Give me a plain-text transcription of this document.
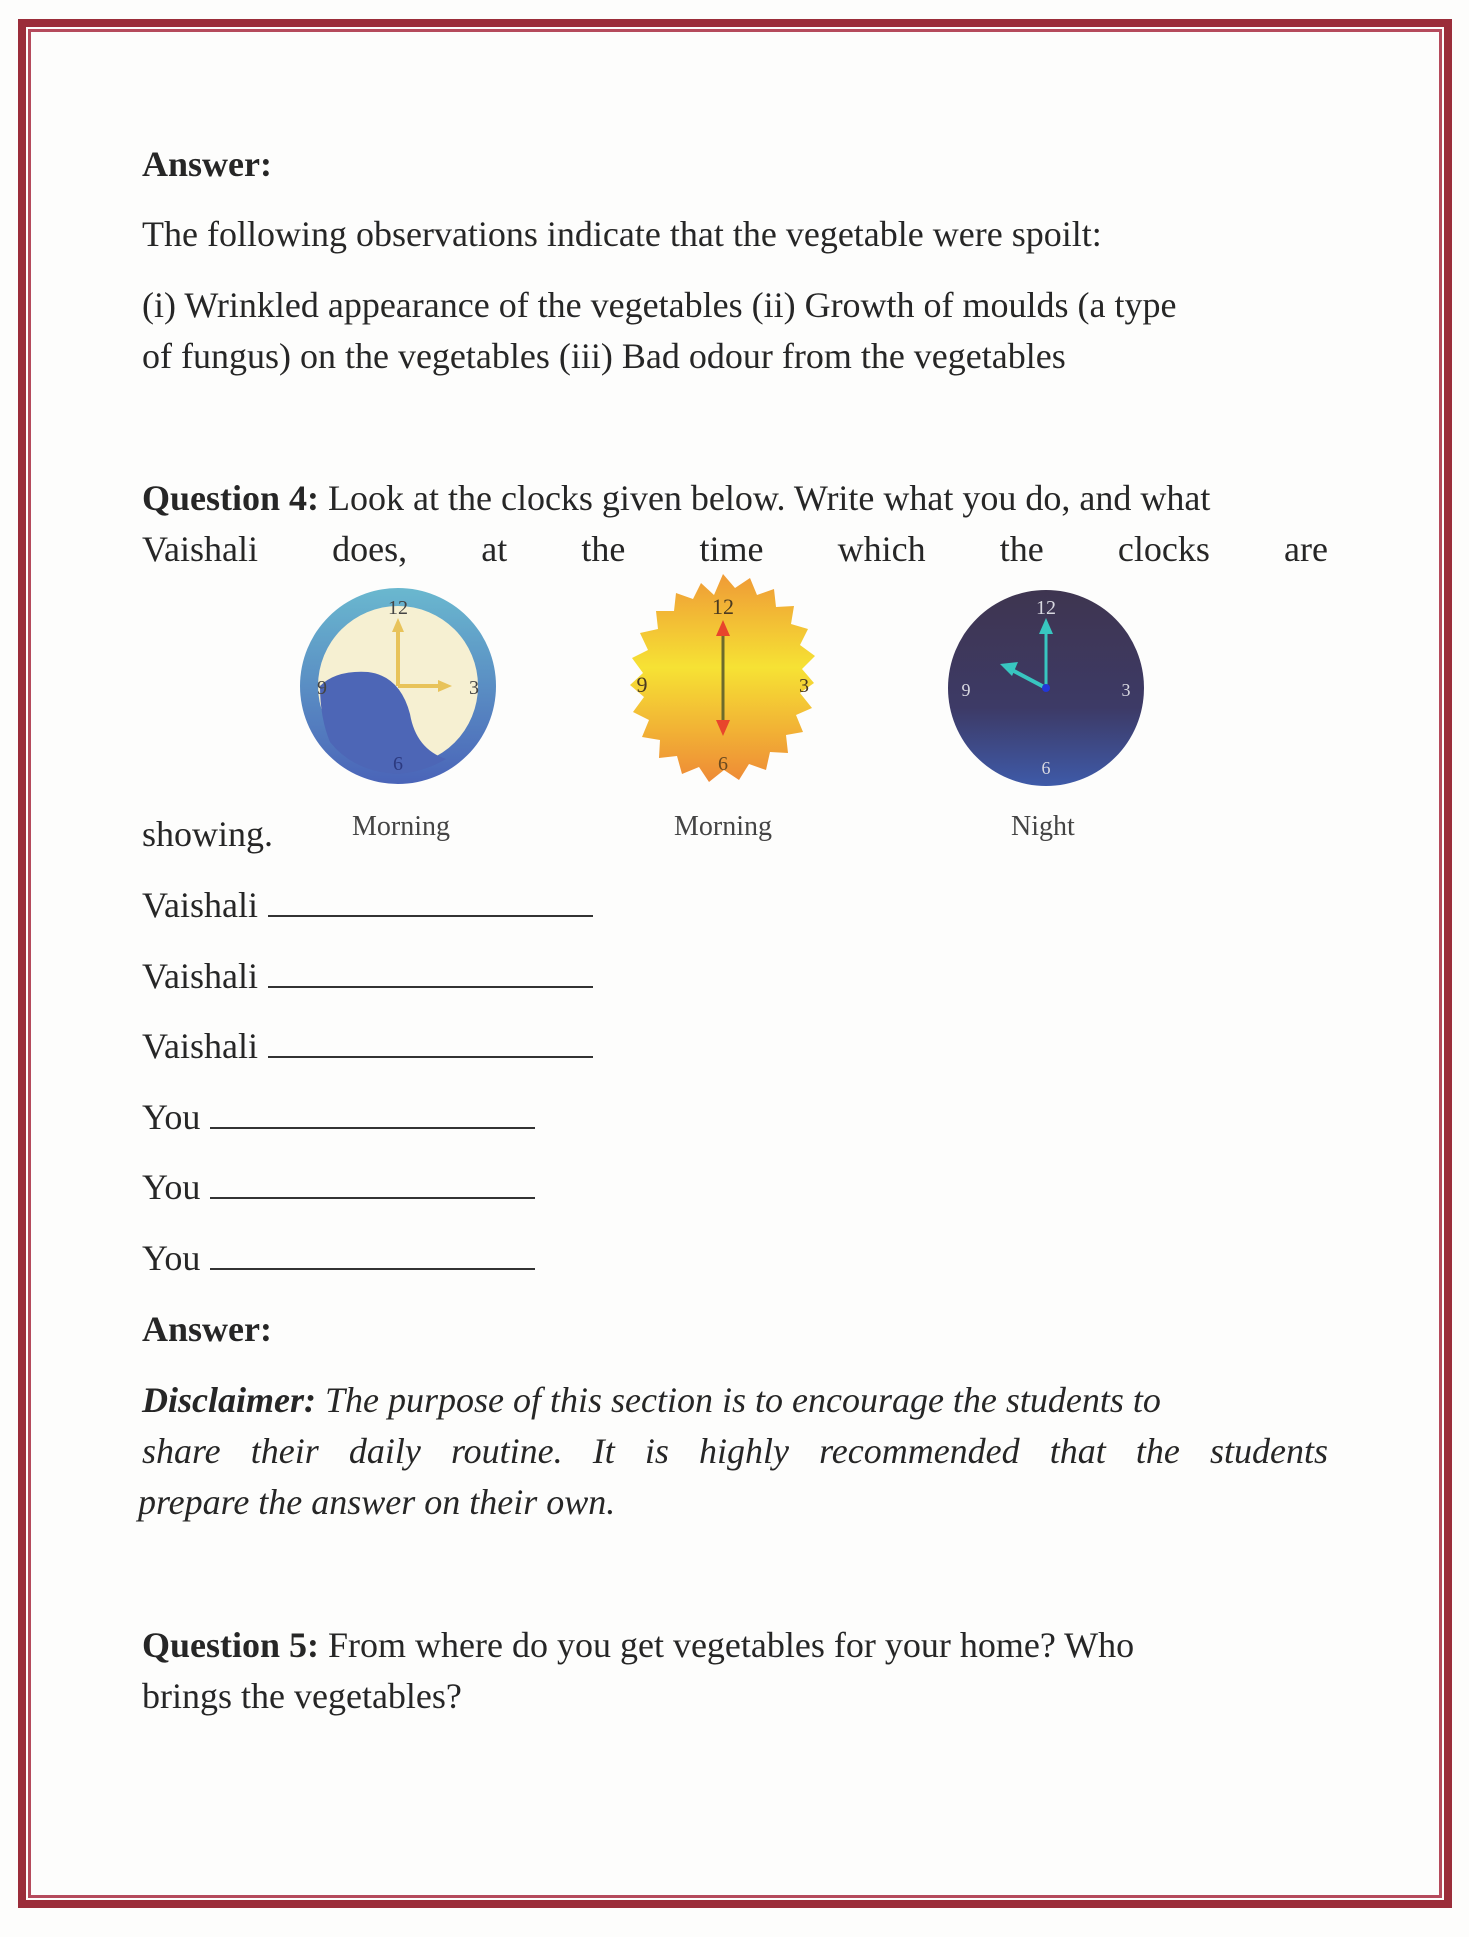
Answer:

The following observations indicate that the vegetable were spoilt:

(i) Wrinkled appearance of the vegetables (ii) Growth of moulds (a type

of fungus) on the vegetables (iii) Bad odour from the vegetables

Question 4: Look at the clocks given below. Write what you do, and what

Vaishali does, at the time which the clocks are
12
3
6
9
12
3
6
9
12
3
6
9

showing.	Morning	Morning	Night

Vaishali

Vaishali

Vaishali

You

You

You

Answer:

Disclaimer: The purpose of this section is to encourage the students to

share their daily routine. It is highly recommended that the students

prepare the answer on their own.

Question 5: From where do you get vegetables for your home? Who

brings the vegetables?
